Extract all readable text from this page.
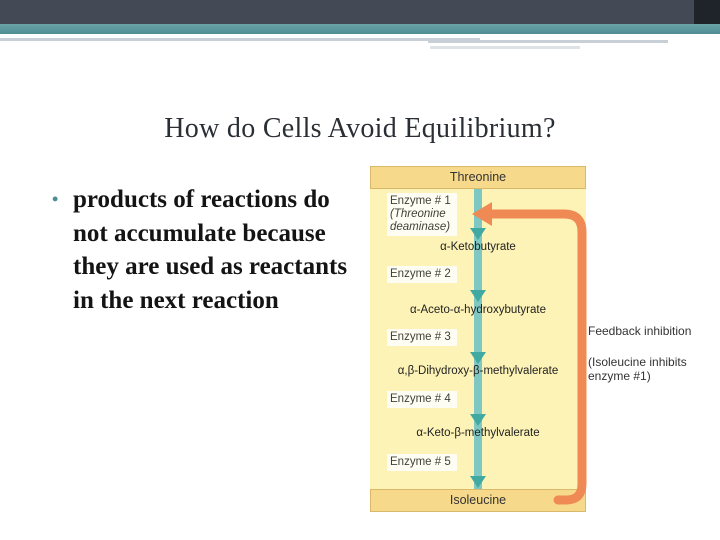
How do Cells Avoid Equilibrium?
• products of reactions do not accumulate because they are used as reactants in the next reaction
Threonine
Enzyme # 1
(Threonine
deaminase)
α-Ketobutyrate
Enzyme # 2
α-Aceto-α-hydroxybutyrate
Enzyme # 3
α,β-Dihydroxy-β-methylvalerate
Enzyme # 4
α-Keto-β-methylvalerate
Enzyme # 5
Isoleucine
Feedback inhibition
(Isoleucine inhibits
enzyme #1)
